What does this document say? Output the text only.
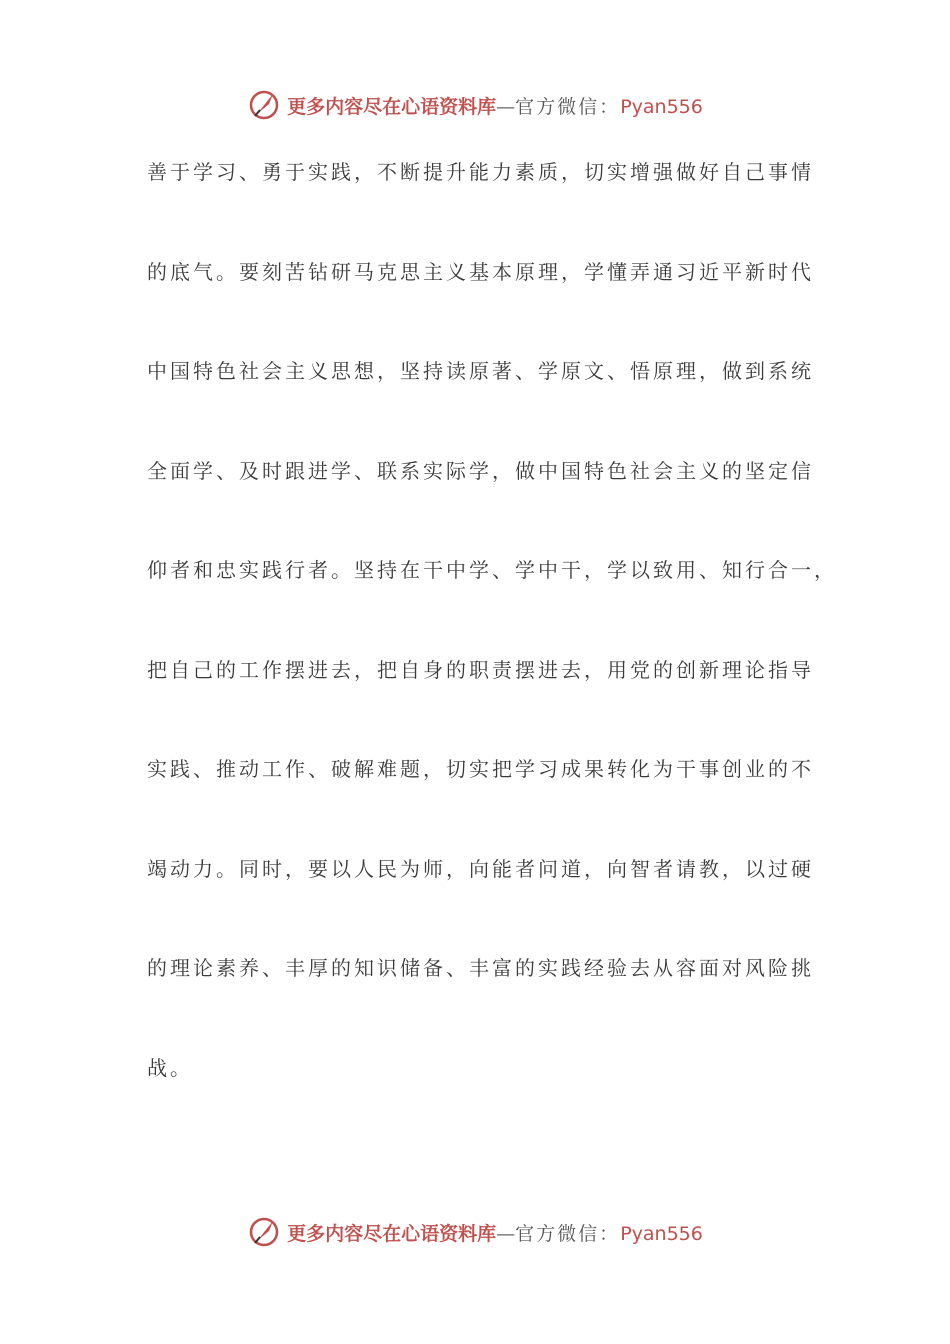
更多内容尽在心语资料库 — 官方微信： Pyan556
善于学习、勇于实践，不断提升能力素质，切实增强做好自己事情
的底气。要刻苦钻研马克思主义基本原理，学懂弄通习近平新时代
中国特色社会主义思想，坚持读原著、学原文、悟原理，做到系统
全面学、及时跟进学、联系实际学，做中国特色社会主义的坚定信
仰者和忠实践行者。坚持在干中学、学中干，学以致用、知行合一，
把自己的工作摆进去，把自身的职责摆进去，用党的创新理论指导
实践、推动工作、破解难题，切实把学习成果转化为干事创业的不
竭动力。同时，要以人民为师，向能者问道，向智者请教，以过硬
的理论素养、丰厚的知识储备、丰富的实践经验去从容面对风险挑
战。
更多内容尽在心语资料库 — 官方微信： Pyan556
